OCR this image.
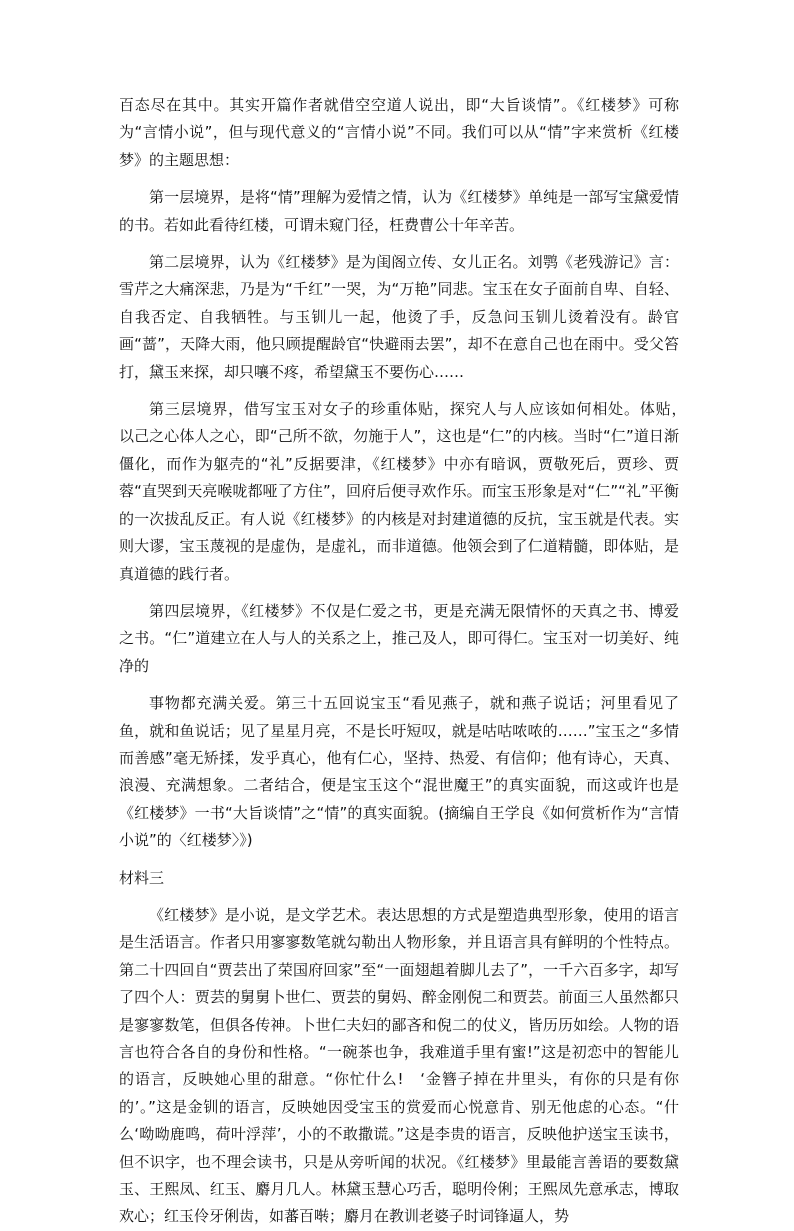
百态尽在其中。其实开篇作者就借空空道人说出，即“大旨谈情”。《红楼梦》可称为“言情小说”，但与现代意义的“言情小说”不同。我们可以从“情”字来赏析《红楼梦》的主题思想：

第一层境界，是将“情”理解为爱情之情，认为《红楼梦》单纯是一部写宝黛爱情的书。若如此看待红楼，可谓未窥门径，枉费曹公十年辛苦。

第二层境界，认为《红楼梦》是为闺阁立传、女儿正名。刘鹗《老残游记》言：雪芹之大痛深悲，乃是为“千红”一哭，为“万艳”同悲。宝玉在女子面前自卑、自轻、自我否定、自我牺牲。与玉钏儿一起，他烫了手，反急问玉钏儿烫着没有。龄官画“蔷”，天降大雨，他只顾提醒龄官“快避雨去罢”，却不在意自己也在雨中。受父笞打，黛玉来探，却只嚷不疼，希望黛玉不要伤心……

第三层境界，借写宝玉对女子的珍重体贴，探究人与人应该如何相处。体贴，　以己之心体人之心，即“己所不欲，勿施于人”，这也是“仁”的内核。当时“仁”道日渐僵化，而作为躯壳的“礼”反据要津，《红楼梦》中亦有暗讽，贾敬死后，贾珍、贾蓉“直哭到天亮喉咙都哑了方住”，回府后便寻欢作乐。而宝玉形象是对“仁”“礼”平衡的一次拔乱反正。有人说《红楼梦》的内核是对封建道德的反抗，宝玉就是代表。实则大谬，宝玉蔑视的是虚伪，是虚礼，而非道德。他领会到了仁道精髓，即体贴，是真道德的践行者。

第四层境界，《红楼梦》不仅是仁爱之书，更是充满无限情怀的天真之书、博爱之书。“仁”道建立在人与人的关系之上，推己及人，即可得仁。宝玉对一切美好、纯净的

事物都充满关爱。第三十五回说宝玉“看见燕子，就和燕子说话；河里看见了鱼，就和鱼说话；见了星星月亮，不是长吁短叹，就是咕咕哝哝的……”宝玉之“多情而善感”毫无矫揉，发乎真心，他有仁心，坚持、热爱、有信仰；他有诗心，天真、浪漫、充满想象。二者结合，便是宝玉这个“混世魔王”的真实面貌，而这或许也是《红楼梦》一书“大旨谈情”之“情”的真实面貌。(摘编自王学良《如何赏析作为“言情小说”的〈红楼梦〉》)

材料三

《红楼梦》是小说，是文学艺术。表达思想的方式是塑造典型形象，使用的语言是生活语言。作者只用寥寥数笔就勾勒出人物形象，并且语言具有鲜明的个性特点。第二十四回自“贾芸出了荣国府回家”至“一面翅趄着脚儿去了”，一千六百多字，却写了四个人：贾芸的舅舅卜世仁、贾芸的舅妈、醉金刚倪二和贾芸。前面三人虽然都只是寥寥数笔，但俱各传神。卜世仁夫妇的鄙吝和倪二的仗义，皆历历如绘。人物的语言也符合各自的身份和性格。“一碗茶也争，我难道手里有蜜!”这是初恋中的智能儿的语言，反映她心里的甜意。“你忙什么!　‘金簪子掉在井里头，有你的只是有你的’。”这是金钏的语言，反映她因受宝玉的赏爱而心悦意肯、别无他虑的心态。“什么‘呦呦鹿鸣，荷叶浮萍’，小的不敢撒谎。”这是李贵的语言，反映他护送宝玉读书，但不识字，也不理会读书，只是从旁听闻的状况。《红楼梦》里最能言善语的要数黛玉、王熙凤、红玉、麝月几人。林黛玉慧心巧舌，聪明伶俐；王熙凤先意承志，博取欢心；红玉伶牙俐齿，如蕃百啭；麝月在教训老婆子时词锋逼人，势
